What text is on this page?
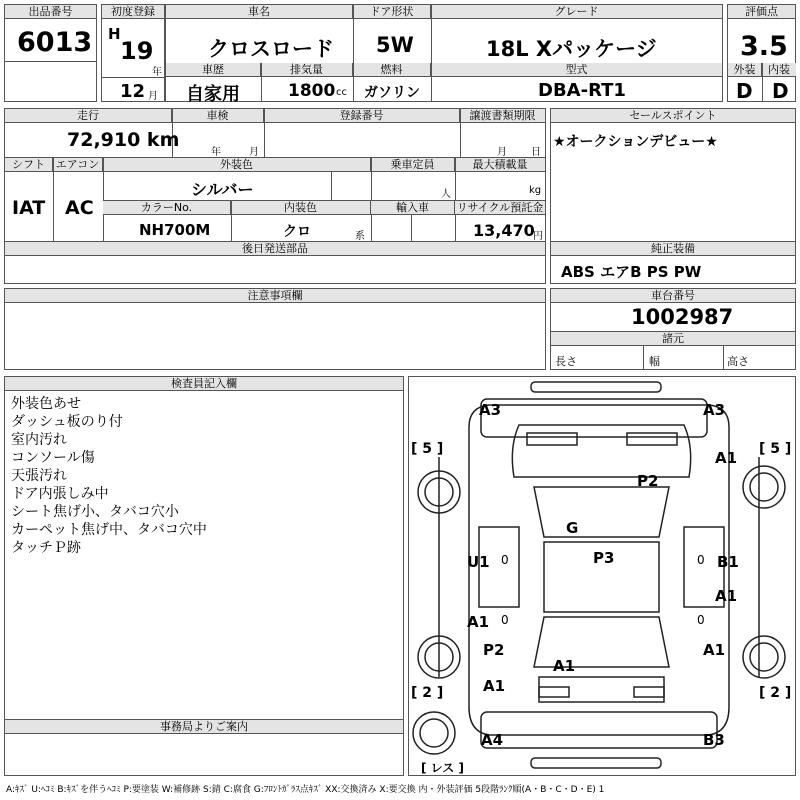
出品番号
6013
初度登録
H
19
年
12 月
車名	ドア形状	グレード
クロスロード 5W	18L Xパッケージ
車歴	排気量	燃料	型式
自家用	1800 cc ガソリン	DBA-RT1
評価点
3.5
外装	内装
D D
走行	車検	登録番号	譲渡書類期限
72,910 km
年	月	月 日
シフト エアコン	外装色	乗車定員	最大積載量
IAT AC
シルバー	人	kg
カラーNo.	内装色	輸入車	リサイクル預託金
NH700M	クロ	系	13,470
円
後日発送部品
セールスポイント
★オークションデビュー★
純正装備
ABS エアB PS PW
注意事項欄	車台番号
1002987
諸元
長さ	幅	高さ
検査員記入欄
外装色あせ
ダッシュ板のり付
室内汚れ
コンソール傷
天張汚れ
ドア内張しみ中
シート焦げ小、タバコ穴小
カーペット焦げ中、タバコ穴中
タッチＰ跡
事務局よりご案内
A3	A3
A1
P2
G
P3
U1	B1
A1
A1
P2	A1
A1
A1
A4	B3
[ 5 ]	[ 5 ]
[ 2 ]	[ 2 ]
[ レス ]
0	0
0	0
A:ｷｽﾞ U:ﾍｺﾐ B:ｷｽﾞを伴うﾍｺﾐ P:要塗装 W:補修跡 S:錆 C:腐食 G:ﾌﾛﾝﾄｶﾞﾗｽ点ｷｽﾞ XX:交換済み X:要交換 内・外装評価 5段階ﾗﾝｸ順(A・B・C・D・E) 1
